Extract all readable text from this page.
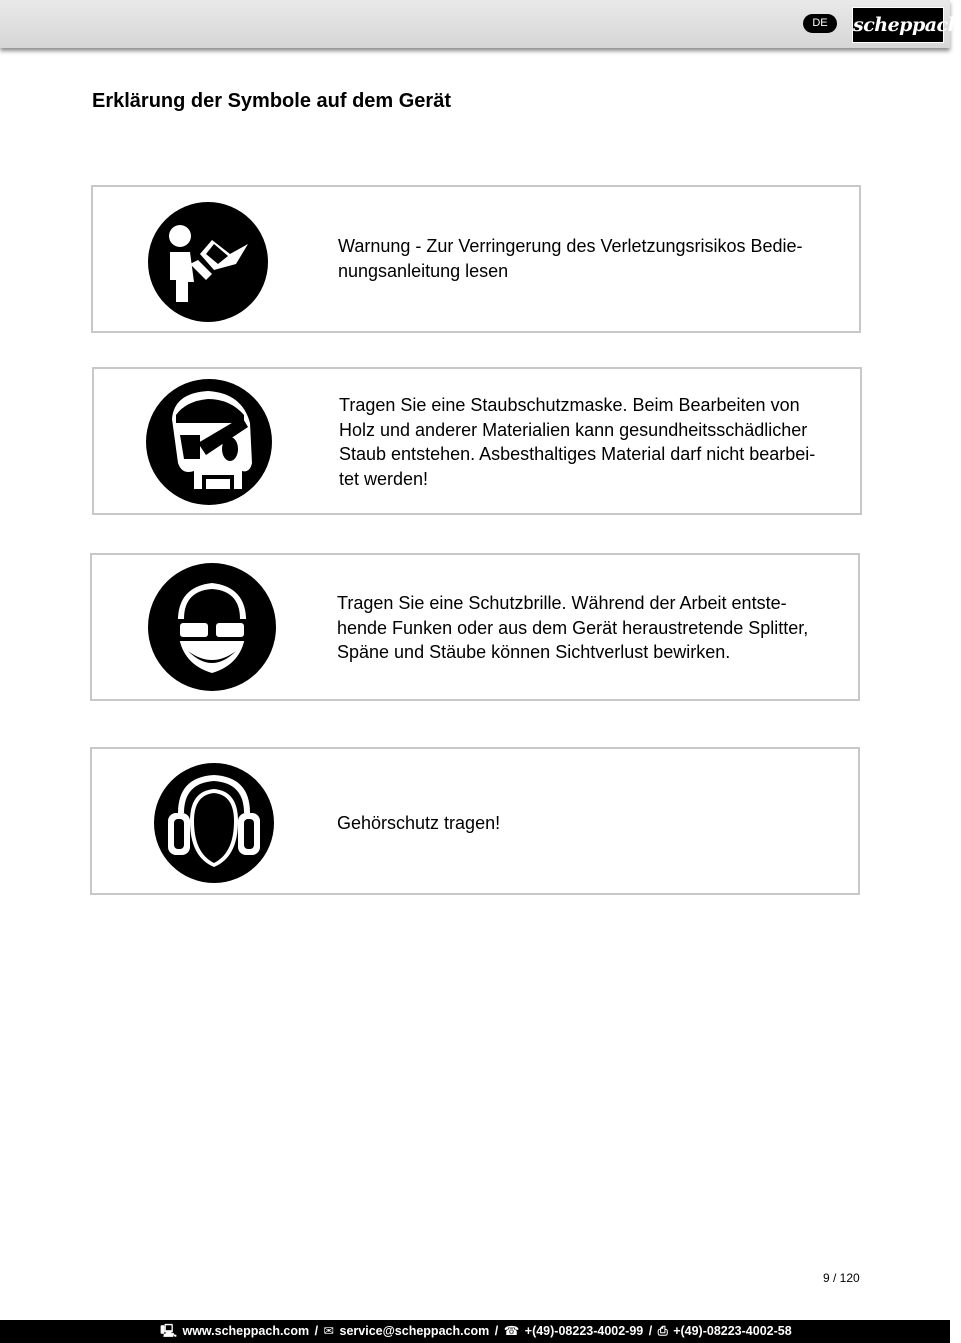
DE	scheppach
Erklärung der Symbole auf dem Gerät

Warnung - Zur Verringerung des Verletzungsrisikos Bedie-
nungsanleitung lesen

Tragen Sie eine Staubschutzmaske. Beim Bearbeiten von
Holz und anderer Materialien kann gesundheitsschädlicher
Staub entstehen. Asbesthaltiges Material darf nicht bearbei-
tet werden!

Tragen Sie eine Schutzbrille. Während der Arbeit entste-
hende Funken oder aus dem Gerät heraustretende Splitter,
Späne und Stäube können Sichtverlust bewirken.

Gehörschutz tragen!

9 / 120
🖳 www.scheppach.com / ✉ service@scheppach.com / ☎ +(49)-08223-4002-99 / ⎙ +(49)-08223-4002-58
